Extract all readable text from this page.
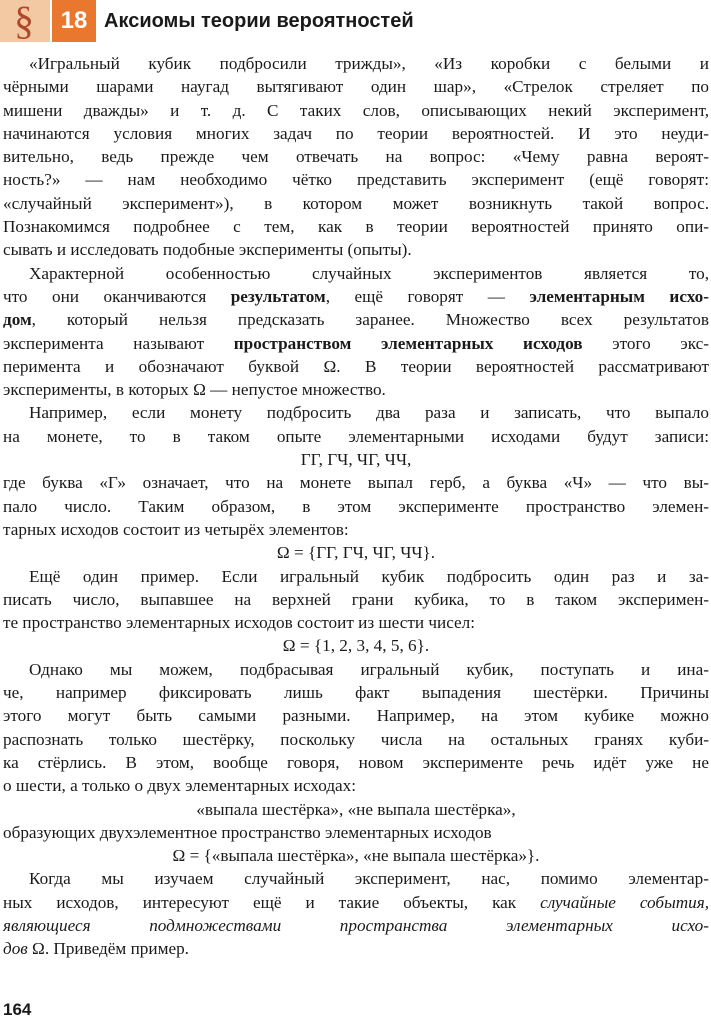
§	18 Аксиомы теории вероятностей
«Игральный кубик подбросили трижды», «Из коробки с белыми и
чёрными шарами наугад вытягивают один шар», «Стрелок стреляет по
мишени дважды» и т. д. С таких слов, описывающих некий эксперимент,
начинаются условия многих задач по теории вероятностей. И это неуди-
вительно, ведь прежде чем отвечать на вопрос: «Чему равна вероят-
ность?» — нам необходимо чётко представить эксперимент (ещё говорят:
«случайный эксперимент»), в котором может возникнуть такой вопрос.
Познакомимся подробнее с тем, как в теории вероятностей принято опи-
сывать и исследовать подобные эксперименты (опыты).
Характерной особенностью случайных экспериментов является то,
что они оканчиваются результатом, ещё говорят — элементарным исхо-
дом, который нельзя предсказать заранее. Множество всех результатов
эксперимента называют пространством элементарных исходов этого экс-
перимента и обозначают буквой Ω. В теории вероятностей рассматривают
эксперименты, в которых Ω — непустое множество.
Например, если монету подбросить два раза и записать, что выпало
на монете, то в таком опыте элементарными исходами будут записи:
ГГ, ГЧ, ЧГ, ЧЧ,
где буква «Г» означает, что на монете выпал герб, а буква «Ч» — что вы-
пало число. Таким образом, в этом эксперименте пространство элемен-
тарных исходов состоит из четырёх элементов:
Ω = {ГГ, ГЧ, ЧГ, ЧЧ}.
Ещё один пример. Если игральный кубик подбросить один раз и за-
писать число, выпавшее на верхней грани кубика, то в таком эксперимен-
те пространство элементарных исходов состоит из шести чисел:
Ω = {1, 2, 3, 4, 5, 6}.
Однако мы можем, подбрасывая игральный кубик, поступать и ина-
че, например фиксировать лишь факт выпадения шестёрки. Причины
этого могут быть самыми разными. Например, на этом кубике можно
распознать только шестёрку, поскольку числа на остальных гранях куби-
ка стёрлись. В этом, вообще говоря, новом эксперименте речь идёт уже не
о шести, а только о двух элементарных исходах:
«выпала шестёрка», «не выпала шестёрка»,
образующих двухэлементное пространство элементарных исходов
Ω = {«выпала шестёрка», «не выпала шестёрка»}.
Когда мы изучаем случайный эксперимент, нас, помимо элементар-
ных исходов, интересуют ещё и такие объекты, как случайные события,
являющиеся подмножествами пространства элементарных исхо-
дов Ω. Приведём пример.
164
